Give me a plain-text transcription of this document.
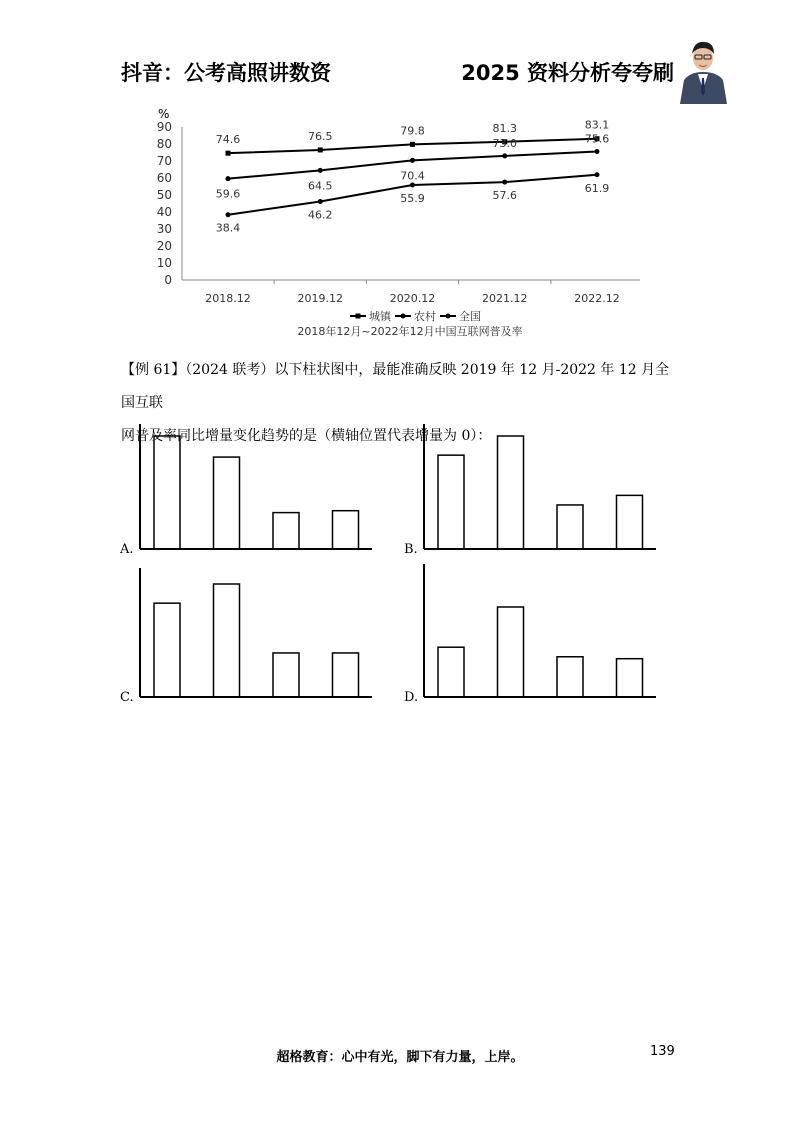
抖音：公考高照讲数资	2025 资料分析夸夸刷
%
0
10
20
30
40
50
60
70
80
90
2018.12	2019.12	2020.12	2021.12	2022.12
74.6	76.5	79.8	81.3	83.1
38.4
46.2
55.9	57.6
61.9
59.6
64.5
70.4
73.0	75.6
城镇 农村 全国
2018年12月~2022年12月中国互联网普及率
【例 61】（2024 联考）以下柱状图中，最能准确反映 2019 年 12 月-2022 年 12 月全国互联
网普及率同比增量变化趋势的是（横轴位置代表增量为 0）：
A.	B.
C.	D.
超格教育：心中有光，脚下有力量，上岸。	139
